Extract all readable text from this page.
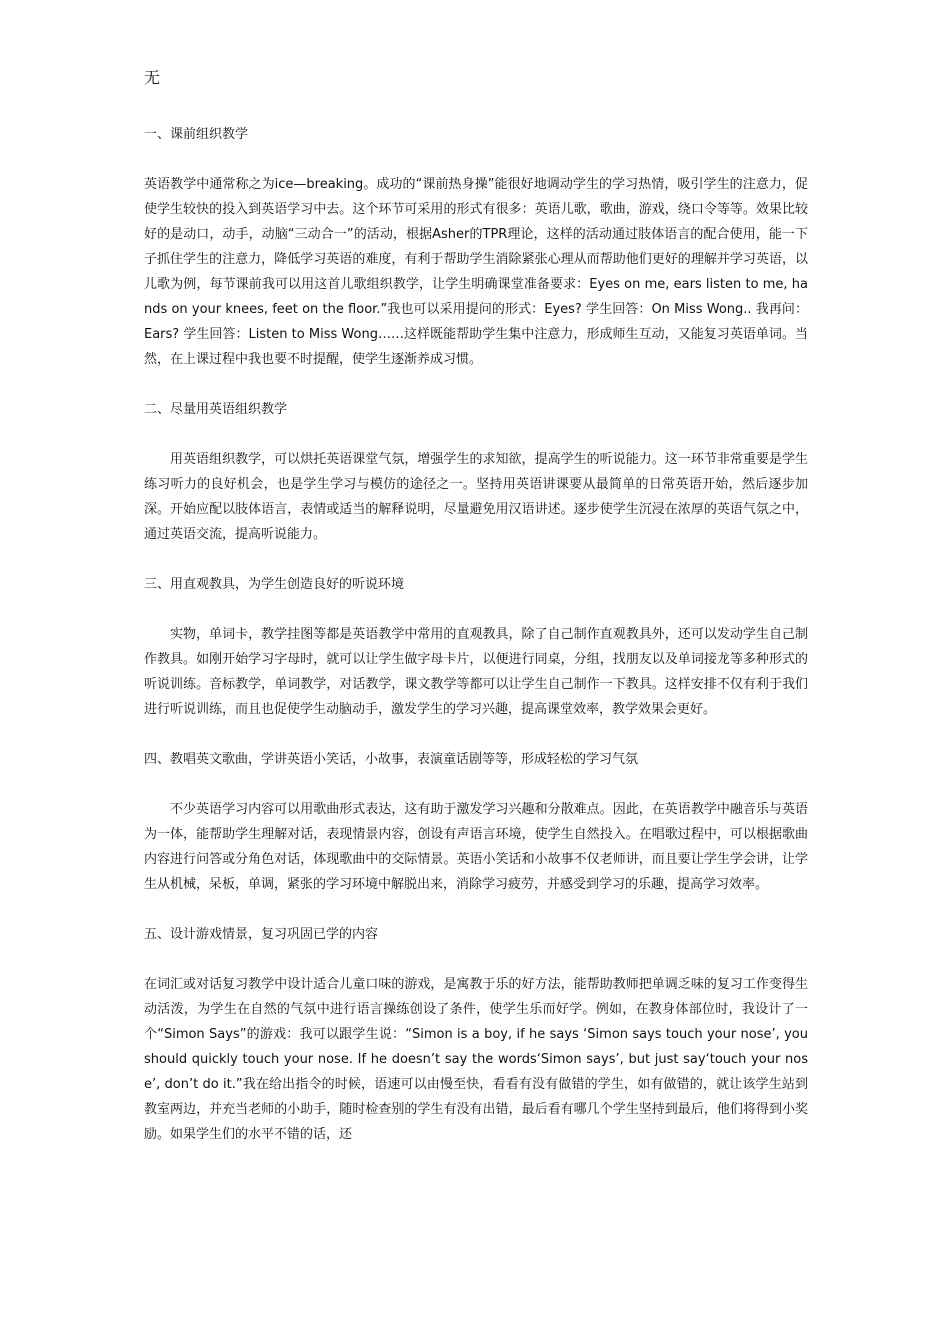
无
一、课前组织教学
英语教学中通常称之为ice—breaking。成功的“课前热身操”能很好地调动学生的学习热情，吸引学生的注意力，促使学生较快的投入到英语学习中去。这个环节可采用的形式有很多：英语儿歌，歌曲，游戏，绕口令等等。效果比较好的是动口，动手，动脑“三动合一”的活动，根据Asher的TPR理论，这样的活动通过肢体语言的配合使用，能一下子抓住学生的注意力，降低学习英语的难度，有利于帮助学生消除紧张心理从而帮助他们更好的理解并学习英语，以儿歌为例，每节课前我可以用这首儿歌组织教学，让学生明确课堂准备要求：Eyes on me, ears listen to me, hands on your knees, feet on the floor.”我也可以采用提问的形式：Eyes? 学生回答：On Miss Wong.. 我再问：Ears? 学生回答：Listen to Miss Wong……这样既能帮助学生集中注意力，形成师生互动，又能复习英语单词。当然，在上课过程中我也要不时提醒，使学生逐渐养成习惯。
二、尽量用英语组织教学
用英语组织教学，可以烘托英语课堂气氛，增强学生的求知欲，提高学生的听说能力。这一环节非常重要是学生练习听力的良好机会，也是学生学习与模仿的途径之一。坚持用英语讲课要从最简单的日常英语开始，然后逐步加深。开始应配以肢体语言，表情或适当的解释说明，尽量避免用汉语讲述。逐步使学生沉浸在浓厚的英语气氛之中，通过英语交流，提高听说能力。
三、用直观教具，为学生创造良好的听说环境
实物，单词卡，教学挂图等都是英语教学中常用的直观教具，除了自己制作直观教具外，还可以发动学生自己制作教具。如刚开始学习字母时，就可以让学生做字母卡片，以便进行同桌，分组，找朋友以及单词接龙等多种形式的听说训练。音标教学，单词教学，对话教学，课文教学等都可以让学生自己制作一下教具。这样安排不仅有利于我们进行听说训练，而且也促使学生动脑动手，激发学生的学习兴趣，提高课堂效率，教学效果会更好。
四、教唱英文歌曲，学讲英语小笑话，小故事，表演童话剧等等，形成轻松的学习气氛
不少英语学习内容可以用歌曲形式表达，这有助于激发学习兴趣和分散难点。因此，在英语教学中融音乐与英语为一体，能帮助学生理解对话，表现情景内容，创设有声语言环境，使学生自然投入。在唱歌过程中，可以根据歌曲内容进行问答或分角色对话，体现歌曲中的交际情景。英语小笑话和小故事不仅老师讲，而且要让学生学会讲，让学生从机械，呆板，单调，紧张的学习环境中解脱出来，消除学习疲劳，并感受到学习的乐趣，提高学习效率。
五、设计游戏情景，复习巩固已学的内容
在词汇或对话复习教学中设计适合儿童口味的游戏，是寓教于乐的好方法，能帮助教师把单调乏味的复习工作变得生动活泼，为学生在自然的气氛中进行语言操练创设了条件，使学生乐而好学。例如，在教身体部位时，我设计了一个“Simon Says”的游戏：我可以跟学生说：“Simon is a boy, if he says ‘Simon says touch your nose’, you should quickly touch your nose. If he doesn’t say the words‘Simon says’, but just say‘touch your nose’, don’t do it.”我在给出指令的时候，语速可以由慢至快，看看有没有做错的学生，如有做错的，就让该学生站到教室两边，并充当老师的小助手，随时检查别的学生有没有出错，最后看有哪几个学生坚持到最后，他们将得到小奖励。如果学生们的水平不错的话，还
